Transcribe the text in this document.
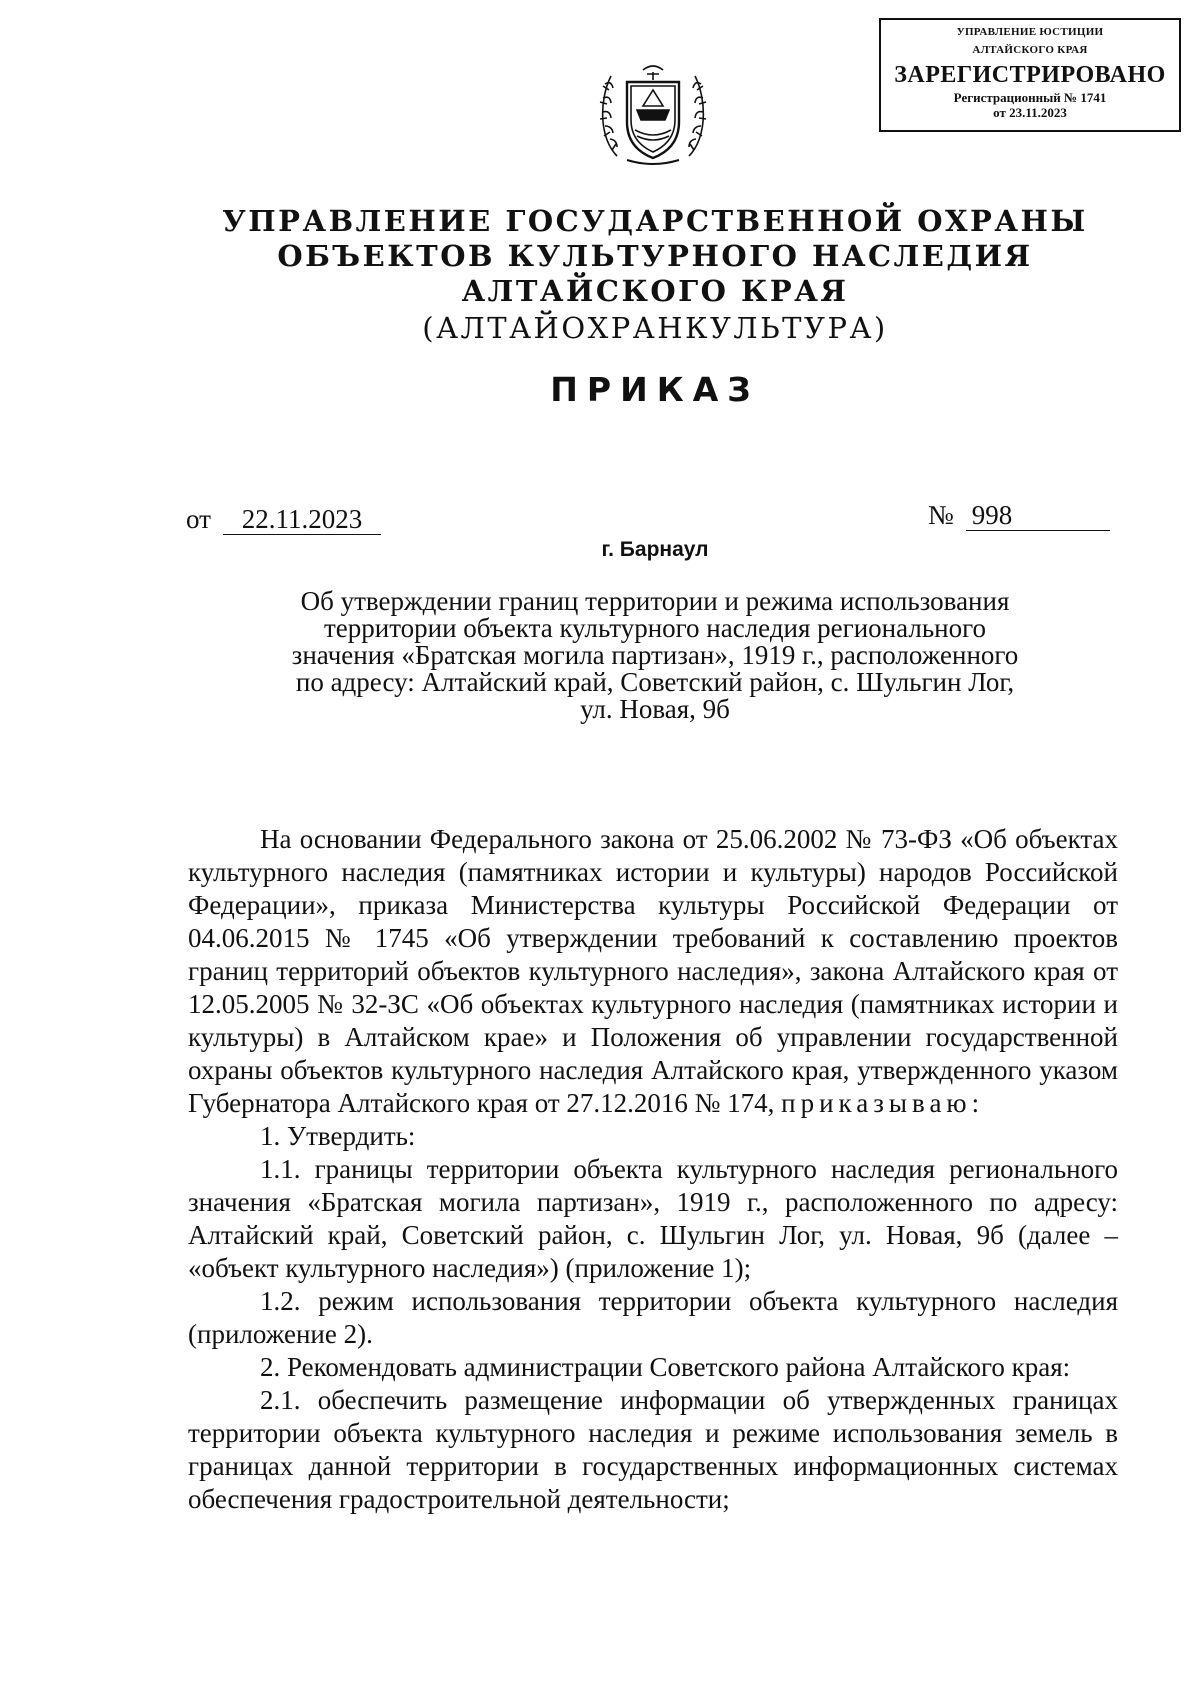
УПРАВЛЕНИЕ ЮСТИЦИИ
АЛТАЙСКОГО КРАЯ
ЗАРЕГИСТРИРОВАНО
Регистрационный № 1741
от 23.11.2023
УПРАВЛЕНИЕ ГОСУДАРСТВЕННОЙ ОХРАНЫ
ОБЪЕКТОВ КУЛЬТУРНОГО НАСЛЕДИЯ
АЛТАЙСКОГО КРАЯ
(АЛТАЙОХРАНКУЛЬТУРА)
ПРИКАЗ
от 22.11.2023	№ 998
г. Барнаул
Об утверждении границ территории и режима использования
территории объекта культурного наследия регионального
значения «Братская могила партизан», 1919 г., расположенного
по адресу: Алтайский край, Советский район, с. Шульгин Лог,
ул. Новая, 9б

На основании Федерального закона от 25.06.2002 № 73-ФЗ «Об объектах культурного наследия (памятниках истории и культуры) народов Российской Федерации», приказа Министерства культуры Российской Федерации от 04.06.2015 № 1745 «Об утверждении требований к составлению проектов границ территорий объектов культурного наследия», закона Алтайского края от 12.05.2005 № 32-ЗС «Об объектах культурного наследия (памятниках истории и культуры) в Алтайском крае» и Положения об управлении государственной охраны объектов культурного наследия Алтайского края, утвержденного указом Губернатора Алтайского края от 27.12.2016 № 174, приказываю:

1. Утвердить:

1.1. границы территории объекта культурного наследия регионального значения «Братская могила партизан», 1919 г., расположенного по адресу: Алтайский край, Советский район, с. Шульгин Лог, ул. Новая, 9б (далее – «объект культурного наследия») (приложение 1);

1.2. режим использования территории объекта культурного наследия (приложение 2).

2. Рекомендовать администрации Советского района Алтайского края:

2.1. обеспечить размещение информации об утвержденных границах территории объекта культурного наследия и режиме использования земель в границах данной территории в государственных информационных системах обеспечения градостроительной деятельности;
